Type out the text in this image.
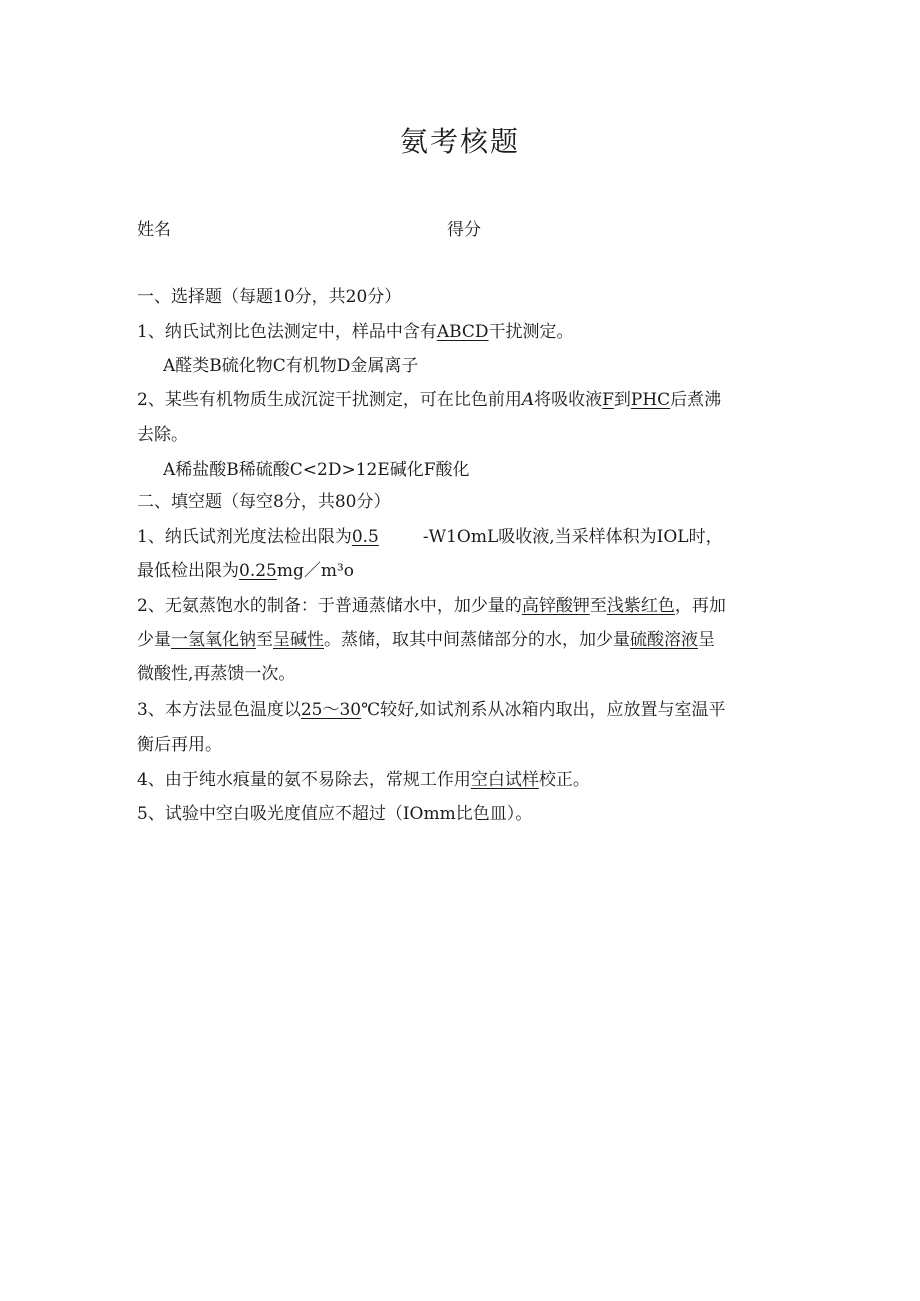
氨考核题
姓名	得分
一、选择题（每题10分，共20分）
1、纳氏试剂比色法测定中，样品中含有ABCD干扰测定。
A醛类B硫化物C有机物D金属离子
2、某些有机物质生成沉淀干扰测定，可在比色前用A将吸收液F到PHC后煮沸
去除。
A稀盐酸B稀硫酸C<2D>12E碱化F酸化
二、填空题（每空8分，共80分）
1、纳氏试剂光度法检出限为0.5	-W1OmL吸收液,当采样体积为IOL时，
最低检出限为0.25mg／m³o
2、无氨蒸饱水的制备：于普通蒸储水中，加少量的高锌酸钾至浅紫红色，再加
少量一氢氧化钠至呈碱性。蒸储，取其中间蒸储部分的水，加少量硫酸溶液呈
微酸性,再蒸馈一次。
3、本方法显色温度以25～30℃较好,如试剂系从冰箱内取出，应放置与室温平
衡后再用。
4、由于纯水痕量的氨不易除去，常规工作用空白试样校正。
5、试验中空白吸光度值应不超过（IOmm比色皿）。
